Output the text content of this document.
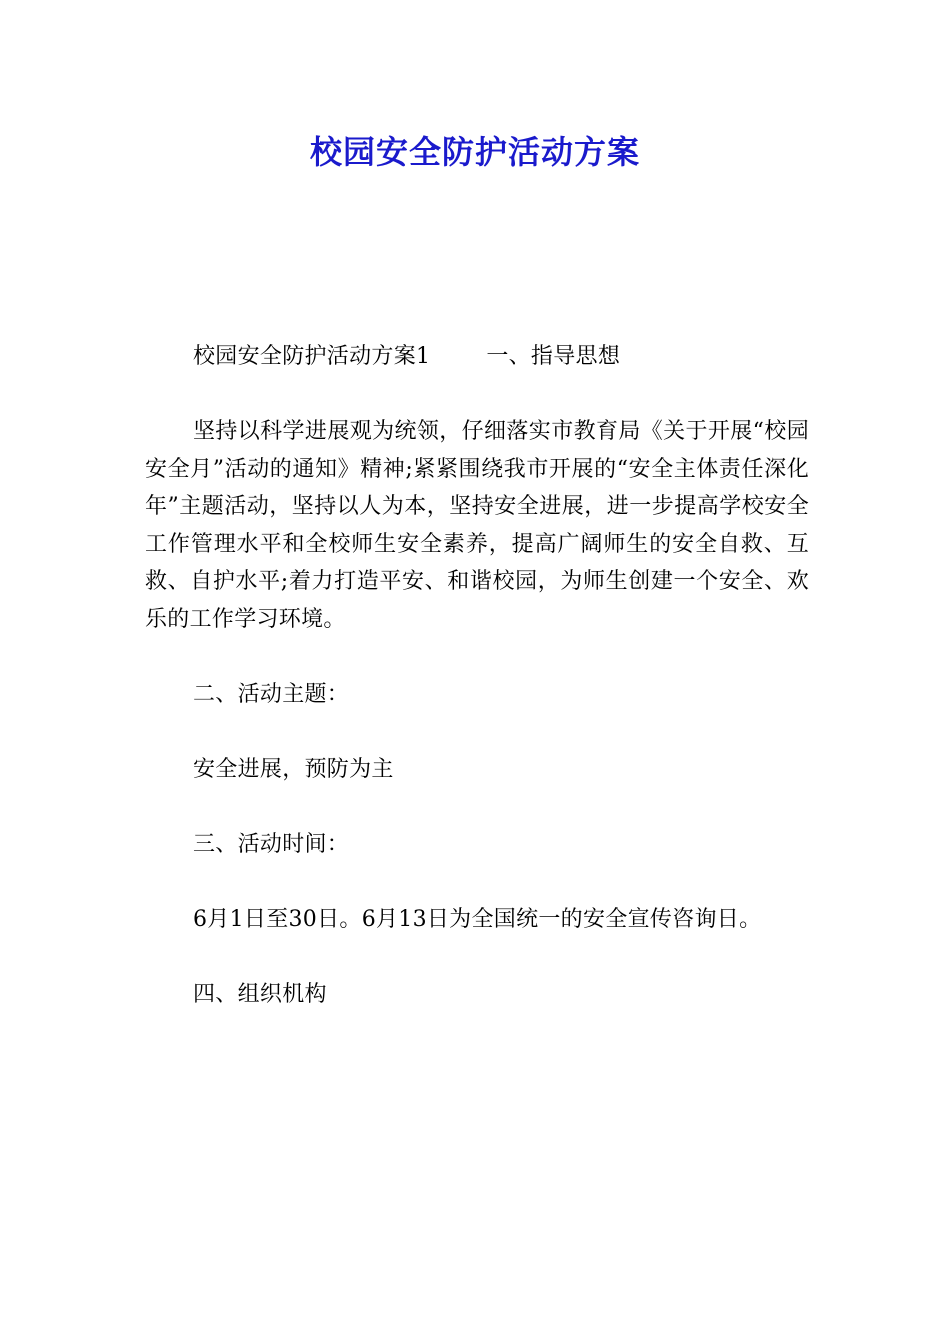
校园安全防护活动方案

校园安全防护活动方案1	一、指导思想

坚持以科学进展观为统领，仔细落实市教育局《关于开展“校园安全月”活动的通知》精神;紧紧围绕我市开展的“安全主体责任深化年”主题活动，坚持以人为本，坚持安全进展，进一步提高学校安全工作管理水平和全校师生安全素养，提高广阔师生的安全自救、互救、自护水平;着力打造平安、和谐校园，为师生创建一个安全、欢乐的工作学习环境。

二、活动主题：

安全进展，预防为主

三、活动时间：

6月1日至30日。6月13日为全国统一的安全宣传咨询日。

四、组织机构
